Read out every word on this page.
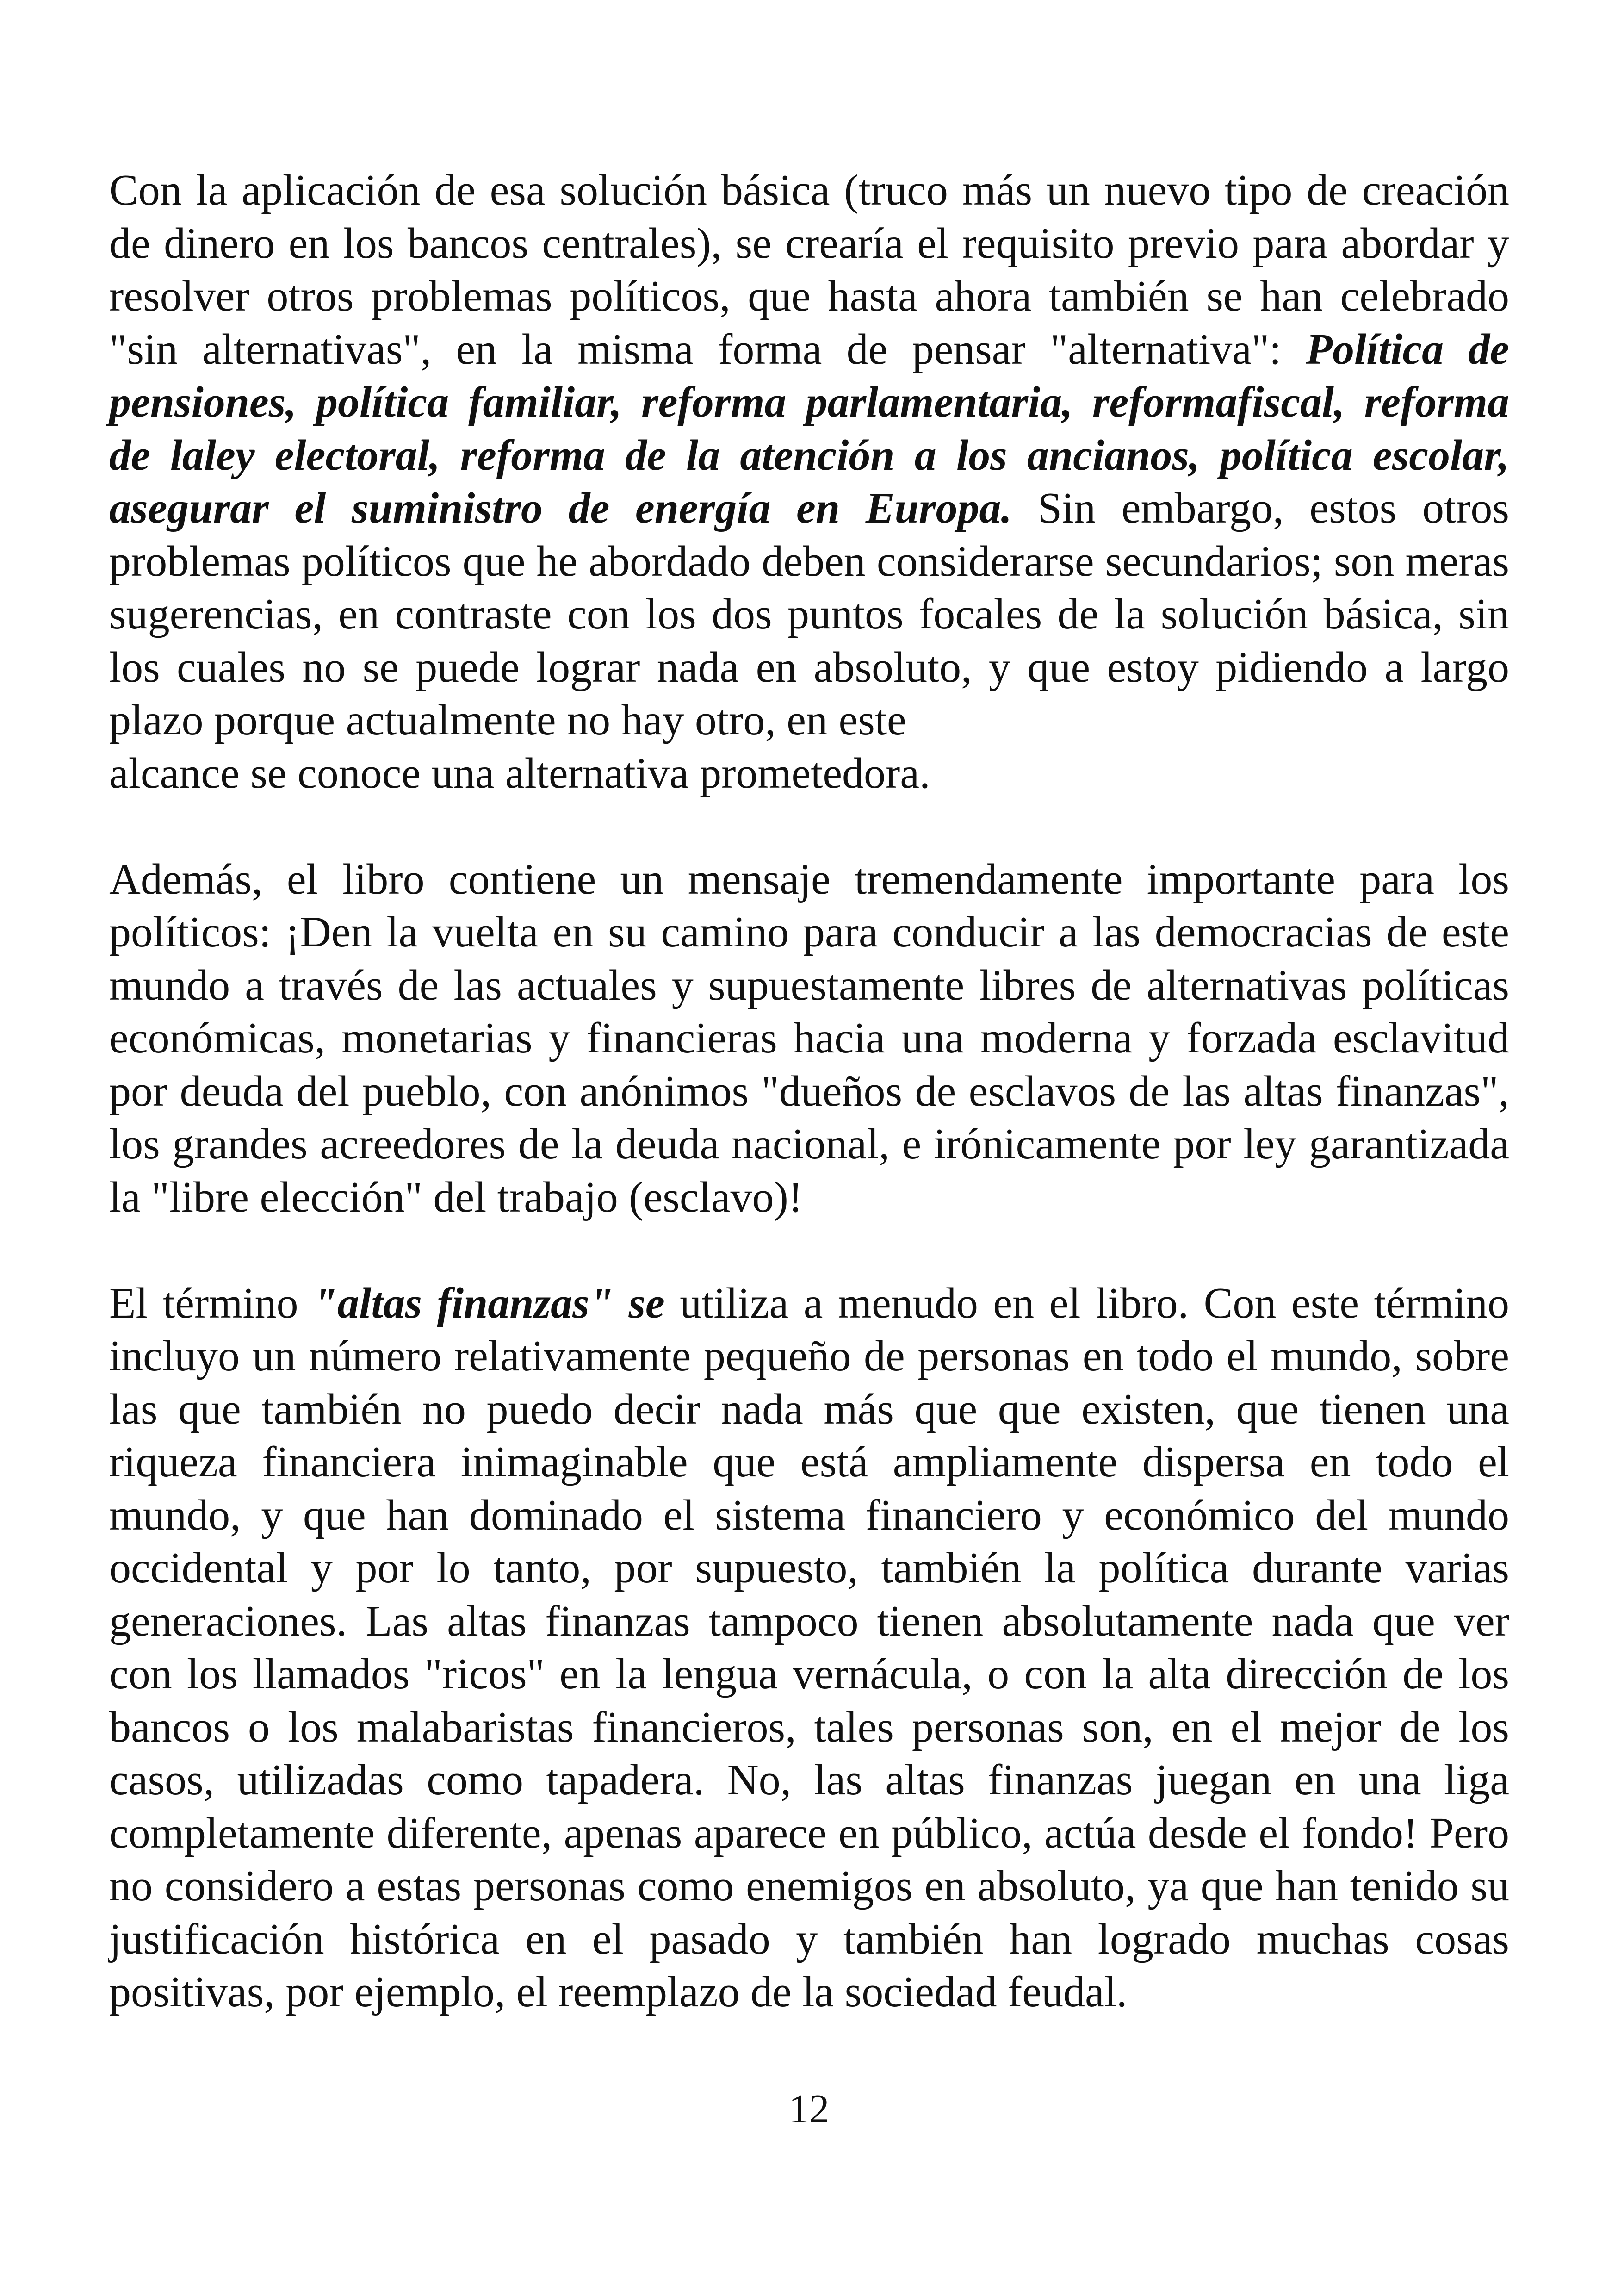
Con la aplicación de esa solución básica (truco más un nuevo tipo de creación de dinero en los bancos centrales), se crearía el requisito previo para abordar y resolver otros problemas políticos, que hasta ahora también se han celebrado "sin alternativas", en la misma forma de pensar "alternativa": Política de pensiones, política familiar, reforma parlamentaria, reformafiscal, reforma de laley electoral, reforma de la atención a los ancianos, política escolar, asegurar el suministro de energía en Europa. Sin embargo, estos otros problemas políticos que he abordado deben considerarse secundarios; son meras sugerencias, en contraste con los dos puntos focales de la solución básica, sin los cuales no se puede lograr nada en absoluto, y que estoy pidiendo a largo plazo porque actualmente no hay otro, en este
alcance se conoce una alternativa prometedora.
Además, el libro contiene un mensaje tremendamente importante para los políticos: ¡Den la vuelta en su camino para conducir a las democracias de este mundo a través de las actuales y supuestamente libres de alternativas políticas económicas, monetarias y financieras hacia una moderna y forzada esclavitud por deuda del pueblo, con anónimos "dueños de esclavos de las altas finanzas", los grandes acreedores de la deuda nacional, e irónicamente por ley garantizada la "libre elección" del trabajo (esclavo)!
El término "altas finanzas" se utiliza a menudo en el libro. Con este término incluyo un número relativamente pequeño de personas en todo el mundo, sobre las que también no puedo decir nada más que que existen, que tienen una riqueza financiera inimaginable que está ampliamente dispersa en todo el mundo, y que han dominado el sistema financiero y económico del mundo occidental y por lo tanto, por supuesto, también la política durante varias generaciones. Las altas finanzas tampoco tienen absolutamente nada que ver con los llamados "ricos" en la lengua vernácula, o con la alta dirección de los bancos o los malabaristas financieros, tales personas son, en el mejor de los casos, utilizadas como tapadera. No, las altas finanzas juegan en una liga completamente diferente, apenas aparece en público, actúa desde el fondo! Pero no considero a estas personas como enemigos en absoluto, ya que han tenido su justificación histórica en el pasado y también han logrado muchas cosas positivas, por ejemplo, el reemplazo de la sociedad feudal.
12
